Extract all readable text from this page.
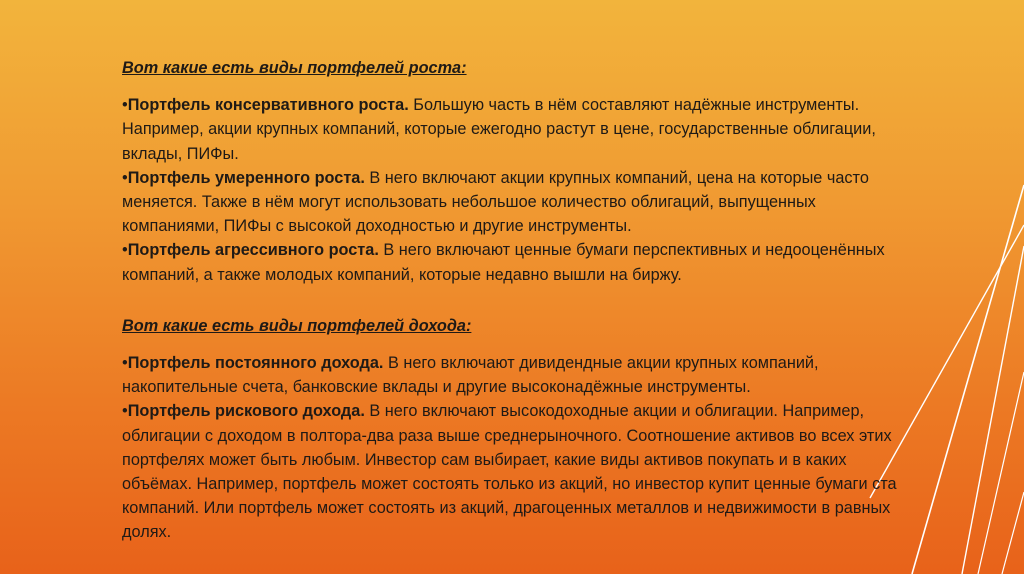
Вот какие есть виды портфелей роста:

•Портфель консервативного роста. Большую часть в нём составляют надёжные инструменты. Например, акции крупных компаний, которые ежегодно растут в цене, государственные облигации, вклады, ПИФы.

•Портфель умеренного роста. В него включают акции крупных компаний, цена на которые часто меняется. Также в нём могут использовать небольшое количество облигаций, выпущенных компаниями, ПИФы с высокой доходностью и другие инструменты.

•Портфель агрессивного роста. В него включают ценные бумаги перспективных и недооценённых компаний, а также молодых компаний, которые недавно вышли на биржу.

Вот какие есть виды портфелей дохода:

•Портфель постоянного дохода. В него включают дивидендные акции крупных компаний, накопительные счета, банковские вклады и другие высоконадёжные инструменты.

•Портфель рискового дохода. В него включают высокодоходные акции и облигации. Например, облигации с доходом в полтора-два раза выше среднерыночного. Соотношение активов во всех этих портфелях может быть любым. Инвестор сам выбирает, какие виды активов покупать и в каких объёмах. Например, портфель может состоять только из акций, но инвестор купит ценные бумаги ста компаний. Или портфель может состоять из акций, драгоценных металлов и недвижимости в равных долях.
